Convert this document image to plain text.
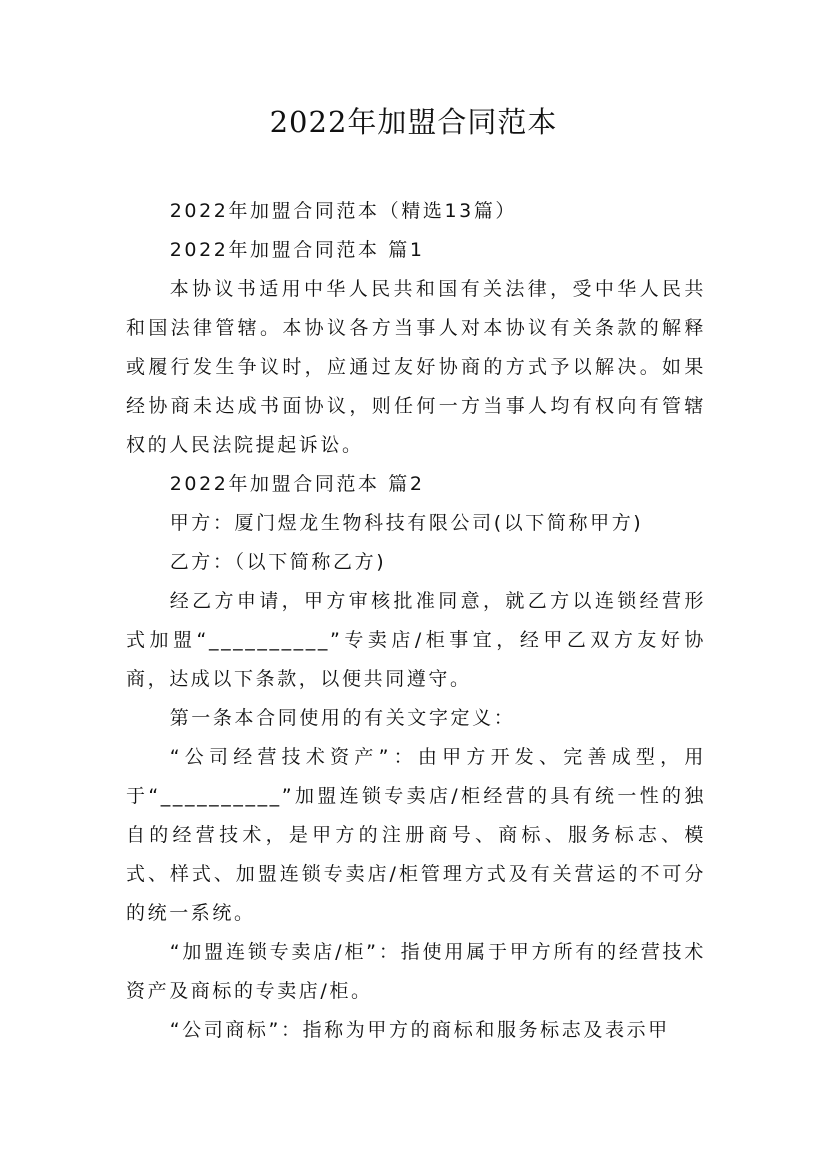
2022年加盟合同范本

2022年加盟合同范本（精选13篇）

2022年加盟合同范本 篇1

本协议书适用中华人民共和国有关法律，受中华人民共和国法律管辖。本协议各方当事人对本协议有关条款的解释或履行发生争议时，应通过友好协商的方式予以解决。如果经协商未达成书面协议，则任何一方当事人均有权向有管辖权的人民法院提起诉讼。

2022年加盟合同范本 篇2

甲方：厦门煜龙生物科技有限公司(以下简称甲方)

乙方：（以下简称乙方)

经乙方申请，甲方审核批准同意，就乙方以连锁经营形式加盟“__________”专卖店/柜事宜，经甲乙双方友好协商，达成以下条款，以便共同遵守。

第一条本合同使用的有关文字定义：

“公司经营技术资产”：由甲方开发、完善成型，用于“__________”加盟连锁专卖店/柜经营的具有统一性的独自的经营技术，是甲方的注册商号、商标、服务标志、模式、样式、加盟连锁专卖店/柜管理方式及有关营运的不可分的统一系统。

“加盟连锁专卖店/柜”：指使用属于甲方所有的经营技术资产及商标的专卖店/柜。

“公司商标”：指称为甲方的商标和服务标志及表示甲
